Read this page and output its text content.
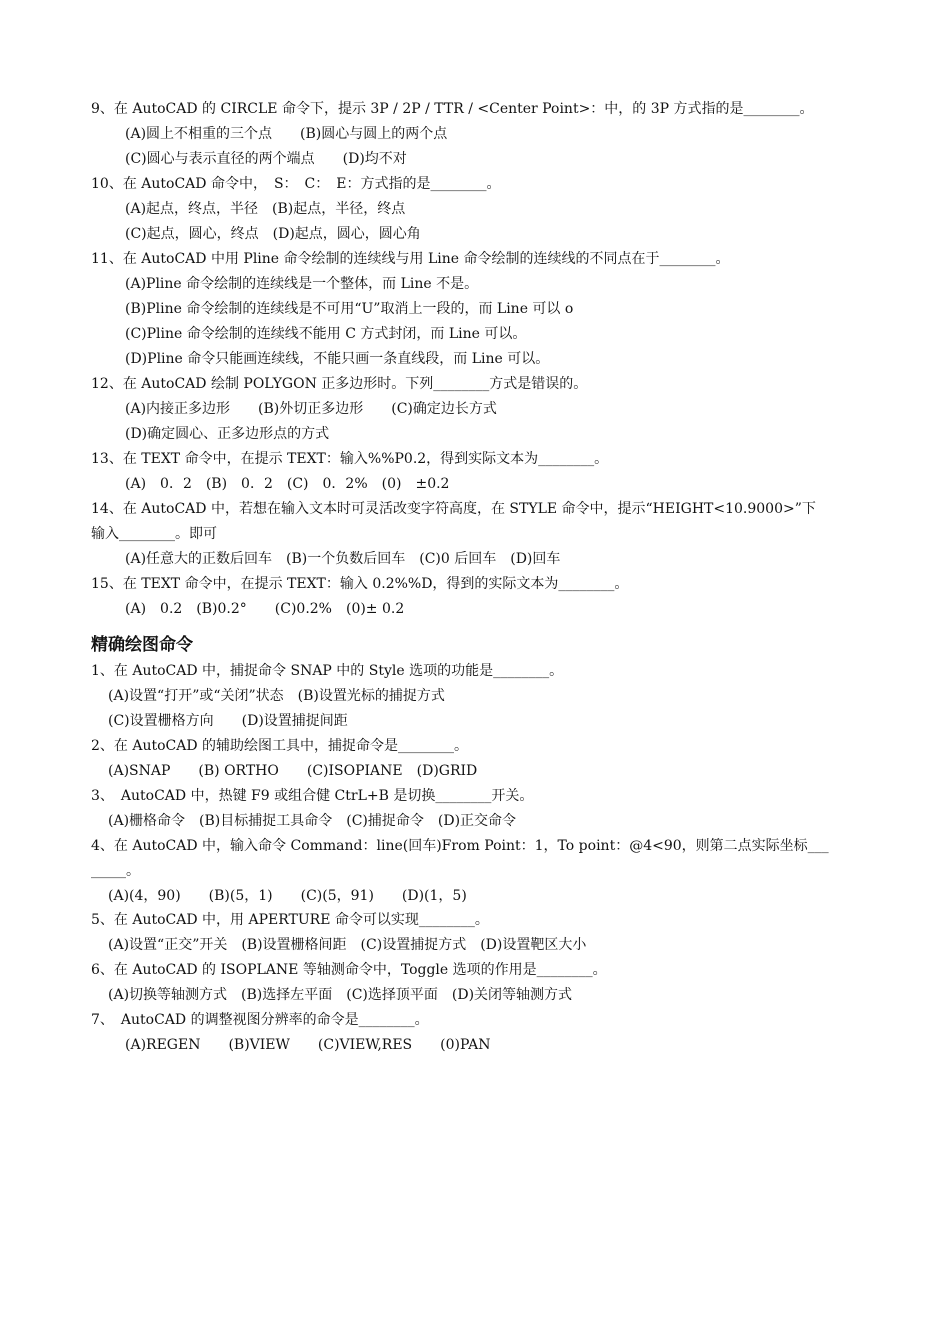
9、在 AutoCAD 的 CIRCLE 命令下，提示 3P / 2P / TTR / <Center Point>：中，的 3P 方式指的是________。
(A)圆上不相重的三个点　　(B)圆心与圆上的两个点
(C)圆心与表示直径的两个端点　　(D)均不对
10、在 AutoCAD 命令中，　S：　C：　E：方式指的是________。
(A)起点，终点，半径　(B)起点，半径，终点
(C)起点，圆心，终点　(D)起点，圆心，圆心角
11、在 AutoCAD 中用 Pline 命令绘制的连续线与用 Line 命令绘制的连续线的不同点在于________。
(A)Pline 命令绘制的连续线是一个整体，而 Line 不是。
(B)Pline 命令绘制的连续线是不可用“U”取消上一段的，而 Line 可以 o
(C)Pline 命令绘制的连续线不能用 C 方式封闭，而 Line 可以。
(D)Pline 命令只能画连续线，不能只画一条直线段，而 Line 可以。
12、在 AutoCAD 绘制 POLYGON 正多边形时。下列________方式是错误的。
(A)内接正多边形　　(B)外切正多边形　　(C)确定边长方式
(D)确定圆心、正多边形点的方式
13、在 TEXT 命令中，在提示 TEXT：输入%%P0.2，得到实际文本为________。
(A)　0．2　(B)　0．2　(C)　0．2%　(0)　±0.2
14、在 AutoCAD 中，若想在输入文本时可灵活改变字符高度，在 STYLE 命令中，提示“HEIGHT<10.9000>”下
输入________。即可
(A)任意大的正数后回车　(B)一个负数后回车　(C)0 后回车　(D)回车
15、在 TEXT 命令中，在提示 TEXT：输入 0.2%%D，得到的实际文本为________。
(A)　0.2　(B)0.2°　　(C)0.2%　(0)± 0.2
精确绘图命令
1、在 AutoCAD 中，捕捉命令 SNAP 中的 Style 选项的功能是________。
(A)设置“打开”或“关闭”状态　(B)设置光标的捕捉方式
(C)设置栅格方向　　(D)设置捕捉间距
2、在 AutoCAD 的辅助绘图工具中，捕捉命令是________。
(A)SNAP　　(B) ORTHO　　(C)ISOPIANE　(D)GRID
3、　AutoCAD 中，热键 F9 或组合健 CtrL+B 是切换________开关。
(A)栅格命令　(B)目标捕捉工具命令　(C)捕捉命令　(D)正交命令
4、在 AutoCAD 中，输入命令 Command：line(回车)From Point：1，To point：@4<90，则第二点实际坐标___
_____。
(A)(4，90)　　(B)(5，1)　　(C)(5，91)　　(D)(1，5)
5、在 AutoCAD 中，用 APERTURE 命令可以实现________。
(A)设置“正交”开关　(B)设置栅格间距　(C)设置捕捉方式　(D)设置靶区大小
6、在 AutoCAD 的 ISOPLANE 等轴测命令中，Toggle 选项的作用是________。
(A)切换等轴测方式　(B)选择左平面　(C)选择顶平面　(D)关闭等轴测方式
7、　AutoCAD 的调整视图分辨率的命令是________。
(A)REGEN　　(B)VIEW　　(C)VIEW,RES　　(0)PAN
